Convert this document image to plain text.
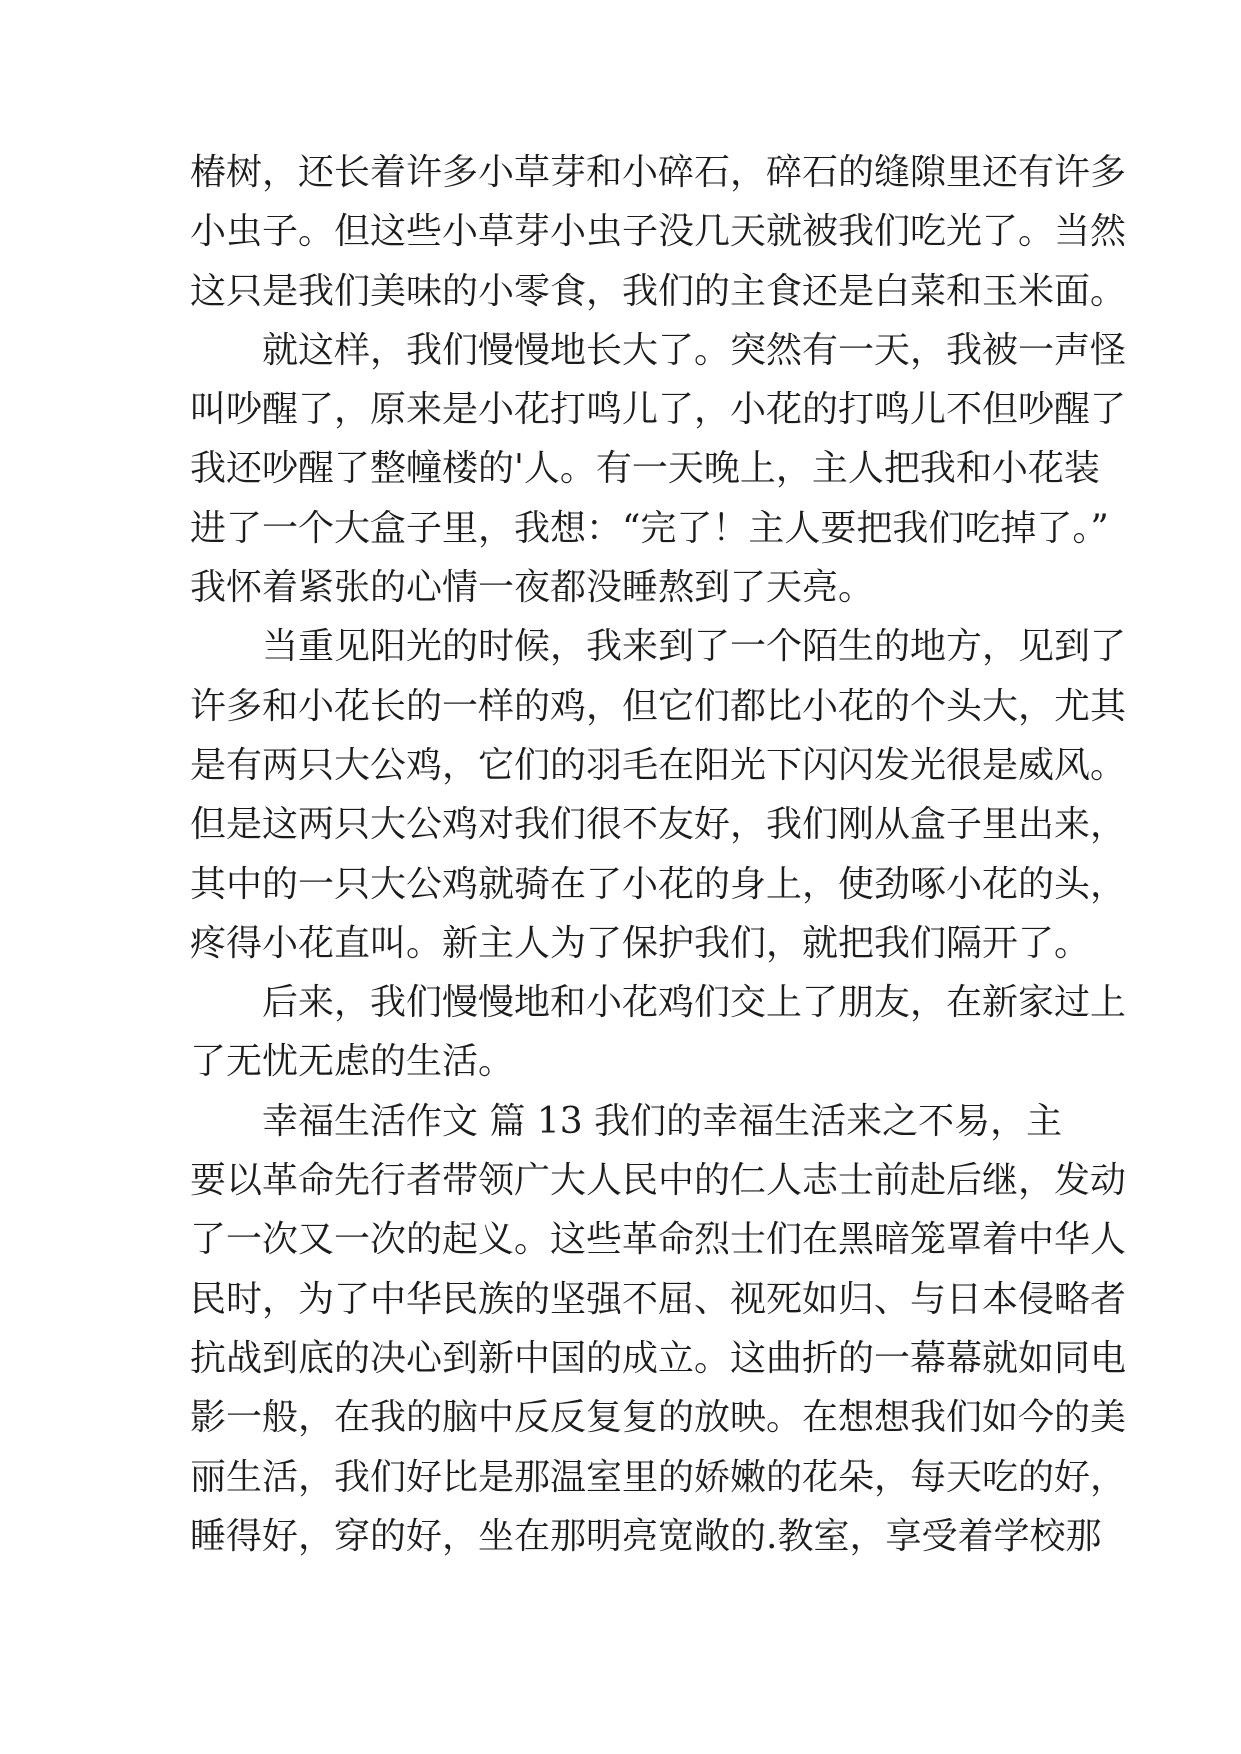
椿树，还长着许多小草芽和小碎石，碎石的缝隙里还有许多
小虫子。但这些小草芽小虫子没几天就被我们吃光了。当然
这只是我们美味的小零食，我们的主食还是白菜和玉米面。
就这样，我们慢慢地长大了。突然有一天，我被一声怪
叫吵醒了，原来是小花打鸣儿了，小花的打鸣儿不但吵醒了
我还吵醒了整幢楼的'人。有一天晚上，主人把我和小花装
进了一个大盒子里，我想：“完了！主人要把我们吃掉了。”
我怀着紧张的心情一夜都没睡熬到了天亮。
当重见阳光的时候，我来到了一个陌生的地方，见到了
许多和小花长的一样的鸡，但它们都比小花的个头大，尤其
是有两只大公鸡，它们的羽毛在阳光下闪闪发光很是威风。
但是这两只大公鸡对我们很不友好，我们刚从盒子里出来，
其中的一只大公鸡就骑在了小花的身上，使劲啄小花的头，
疼得小花直叫。新主人为了保护我们，就把我们隔开了。
后来，我们慢慢地和小花鸡们交上了朋友，在新家过上
了无忧无虑的生活。
幸福生活作文 篇 13 我们的幸福生活来之不易，主
要以革命先行者带领广大人民中的仁人志士前赴后继，发动
了一次又一次的起义。这些革命烈士们在黑暗笼罩着中华人
民时，为了中华民族的坚强不屈、视死如归、与日本侵略者
抗战到底的决心到新中国的成立。这曲折的一幕幕就如同电
影一般，在我的脑中反反复复的放映。在想想我们如今的美
丽生活，我们好比是那温室里的娇嫩的花朵，每天吃的好，
睡得好，穿的好，坐在那明亮宽敞的.教室，享受着学校那
